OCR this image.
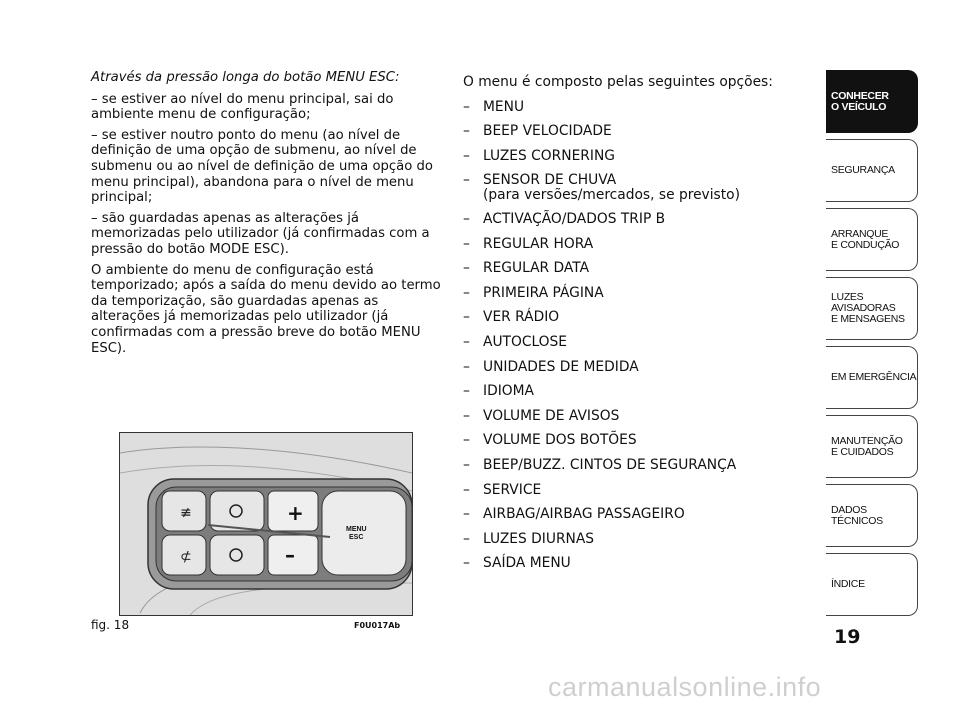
Através da pressão longa do botão MENU ESC:

– se estiver ao nível do menu principal, sai do ambiente menu de configuração;

– se estiver noutro ponto do menu (ao nível de definição de uma opção de submenu, ao nível de submenu ou ao nível de definição de uma opção do menu principal), abandona para o nível de menu principal;

– são guardadas apenas as alterações já memorizadas pelo utilizador (já confirmadas com a pressão do botão MODE ESC).

O ambiente do menu de configuração está temporizado; após a saída do menu devido ao termo da temporização, são guardadas apenas as alterações já memorizadas pelo utilizador (já confirmadas com a pressão breve do botão MENU ESC).

O menu é composto pelas seguintes opções:
– MENU
– BEEP VELOCIDADE
– LUZES CORNERING
– SENSOR DE CHUVA
(para versões/mercados, se previsto)
– ACTIVAÇÃO/DADOS TRIP B
– REGULAR HORA
– REGULAR DATA
– PRIMEIRA PÁGINA
– VER RÁDIO
– AUTOCLOSE
– UNIDADES DE MEDIDA
– IDIOMA
– VOLUME DE AVISOS
– VOLUME DOS BOTÕES
– BEEP/BUZZ. CINTOS DE SEGURANÇA
– SERVICE
– AIRBAG/AIRBAG PASSAGEIRO
– LUZES DIURNAS
– SAÍDA MENU
≢
⊄
+
–
MENU
ESC
fig. 18	F0U017Ab
CONHECER
O VEÍCULO
SEGURANÇA
ARRANQUE
E CONDUÇÃO
LUZES
AVISADORAS
E MENSAGENS
EM EMERGÊNCIA
MANUTENÇÃO
E CUIDADOS
DADOS
TÉCNICOS
ÍNDICE
19
carmanualsonline.info
